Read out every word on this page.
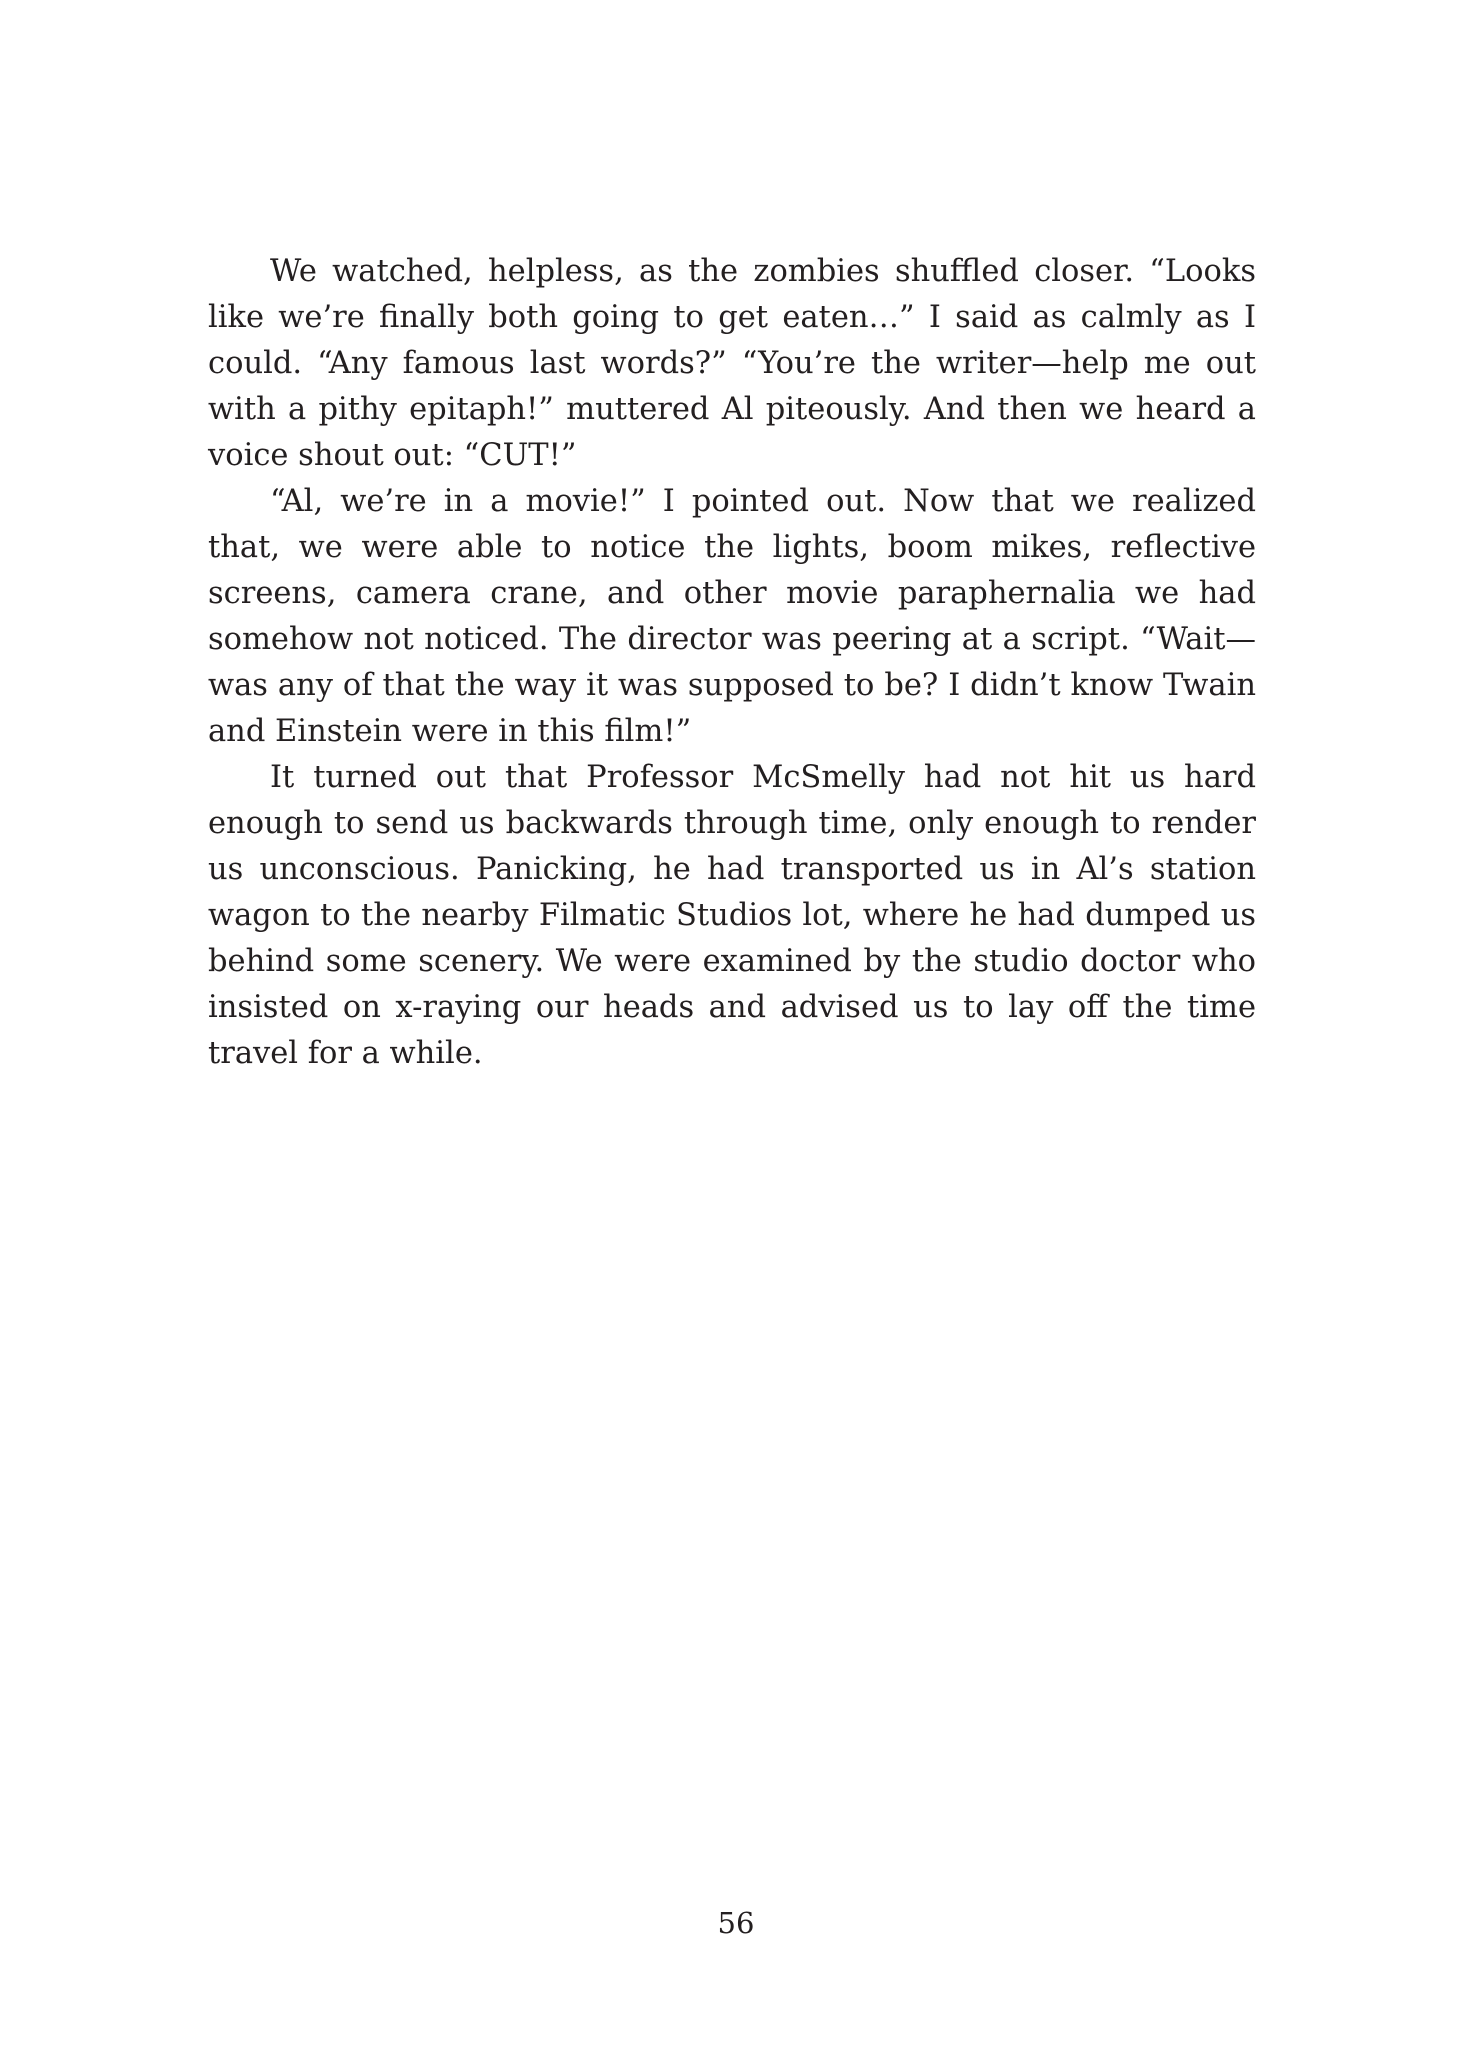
We watched, helpless, as the zombies shuffled closer. “Looks like we’re finally both going to get eaten…” I said as calmly as I could. “Any famous last words?” “You’re the writer—help me out with a pithy epitaph!” muttered Al piteously. And then we heard a voice shout out: “CUT!”

“Al, we’re in a movie!” I pointed out. Now that we realized that, we were able to notice the lights, boom mikes, reflective screens, camera crane, and other movie paraphernalia we had somehow not noticed. The director was peering at a script. “Wait—was any of that the way it was supposed to be? I didn’t know Twain and Einstein were in this film!”

It turned out that Professor McSmelly had not hit us hard enough to send us backwards through time, only enough to render us unconscious. Panicking, he had transported us in Al’s station wagon to the nearby Filmatic Studios lot, where he had dumped us behind some scenery. We were examined by the studio doctor who insisted on x-raying our heads and advised us to lay off the time travel for a while.

56
